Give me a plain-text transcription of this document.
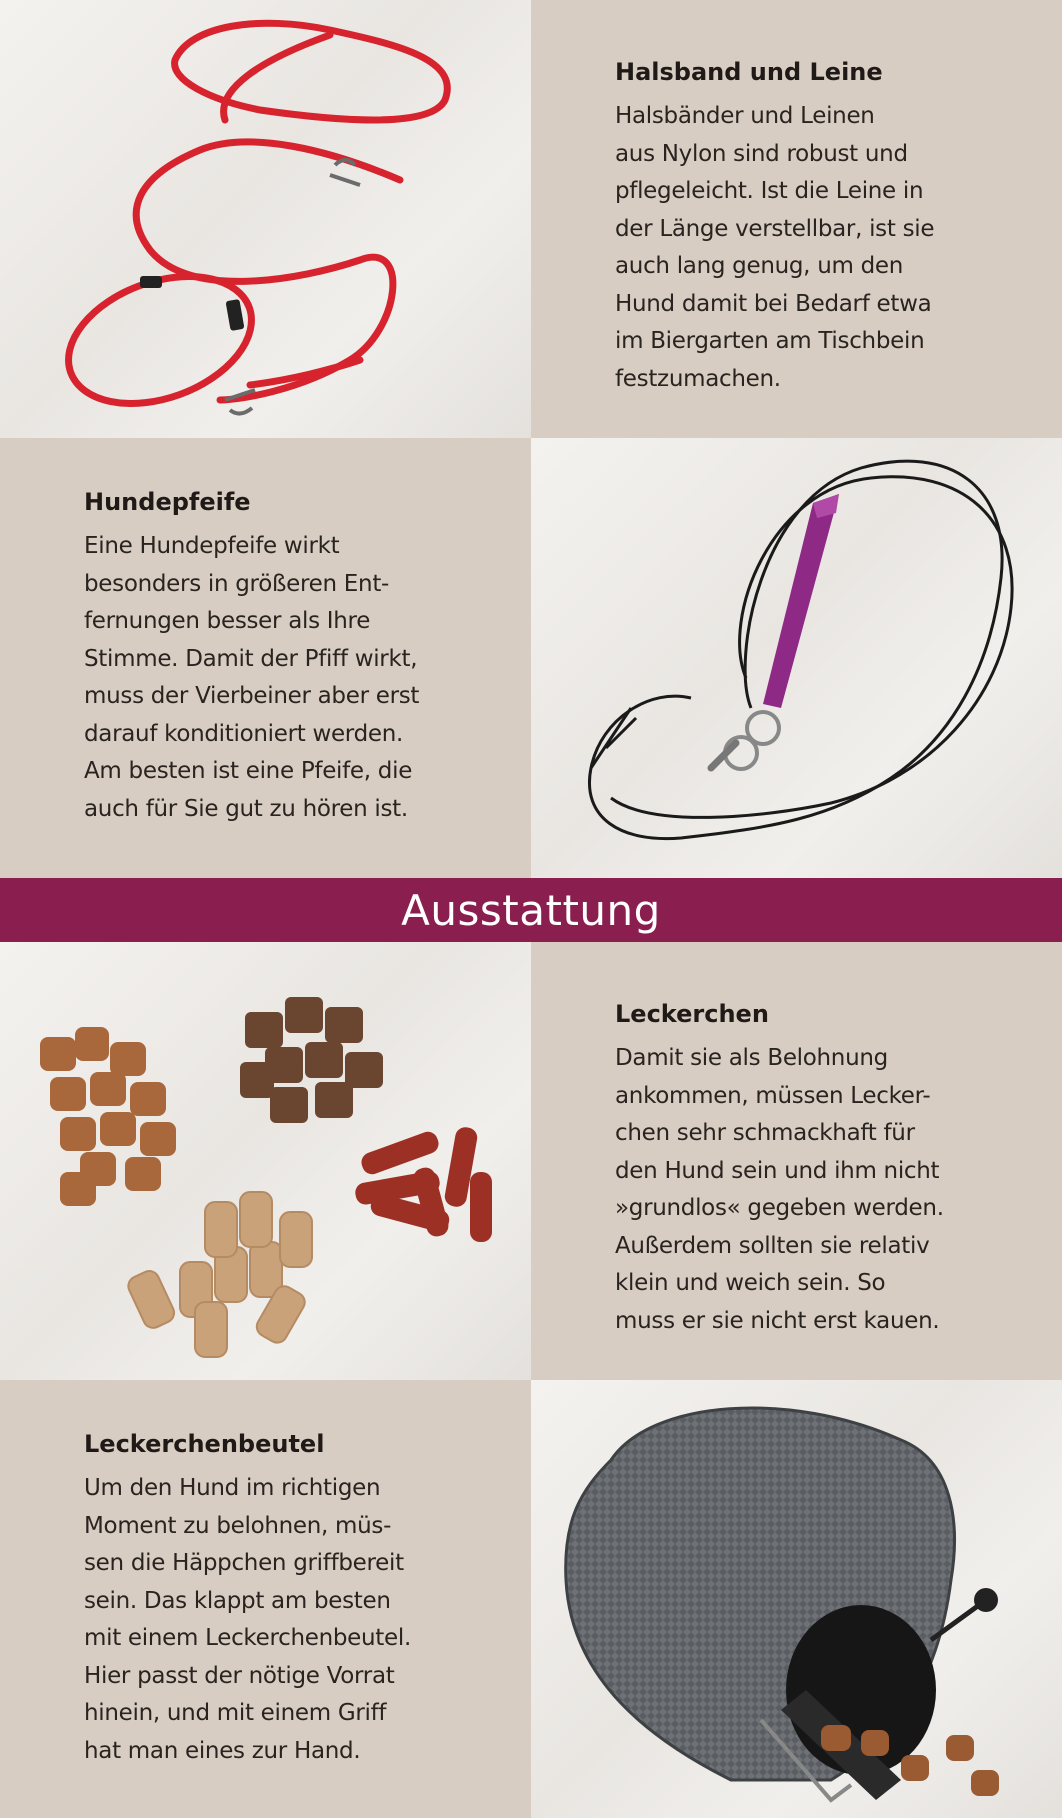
Halsband und Leine

Halsbänder und Leinen
aus Nylon sind robust und
pflegeleicht. Ist die Leine in
der Länge verstellbar, ist sie
auch lang genug, um den
Hund damit bei Bedarf etwa
im Biergarten am Tischbein
festzumachen.

Hundepfeife

Eine Hundepfeife wirkt
besonders in größeren Ent-
fernungen besser als Ihre
Stimme. Damit der Pfiff wirkt,
muss der Vierbeiner aber erst
darauf konditioniert werden.
Am besten ist eine Pfeife, die
auch für Sie gut zu hören ist.

Ausstattung
Leckerchen

Damit sie als Belohnung
ankommen, müssen Lecker-
chen sehr schmackhaft für
den Hund sein und ihm nicht
»grundlos« gegeben werden.
Außerdem sollten sie relativ
klein und weich sein. So
muss er sie nicht erst kauen.

Leckerchenbeutel

Um den Hund im richtigen
Moment zu belohnen, müs-
sen die Häppchen griffbereit
sein. Das klappt am besten
mit einem Leckerchenbeutel.
Hier passt der nötige Vorrat
hinein, und mit einem Griff
hat man eines zur Hand.
